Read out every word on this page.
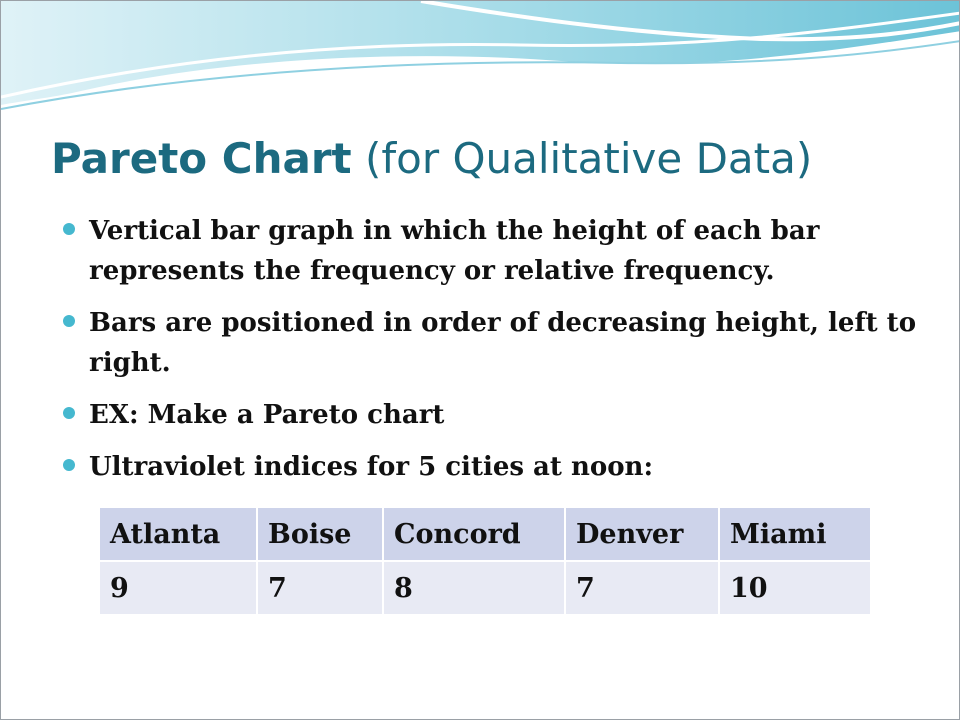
Pareto Chart (for Qualitative Data)
Vertical bar graph in which the height of each bar represents the frequency or relative frequency.
Bars are positioned in order of decreasing height, left to right.
EX: Make a Pareto chart
Ultraviolet indices for 5 cities at noon:
Atlanta	Boise	Concord	Denver	Miami
9	7	8	7	10
